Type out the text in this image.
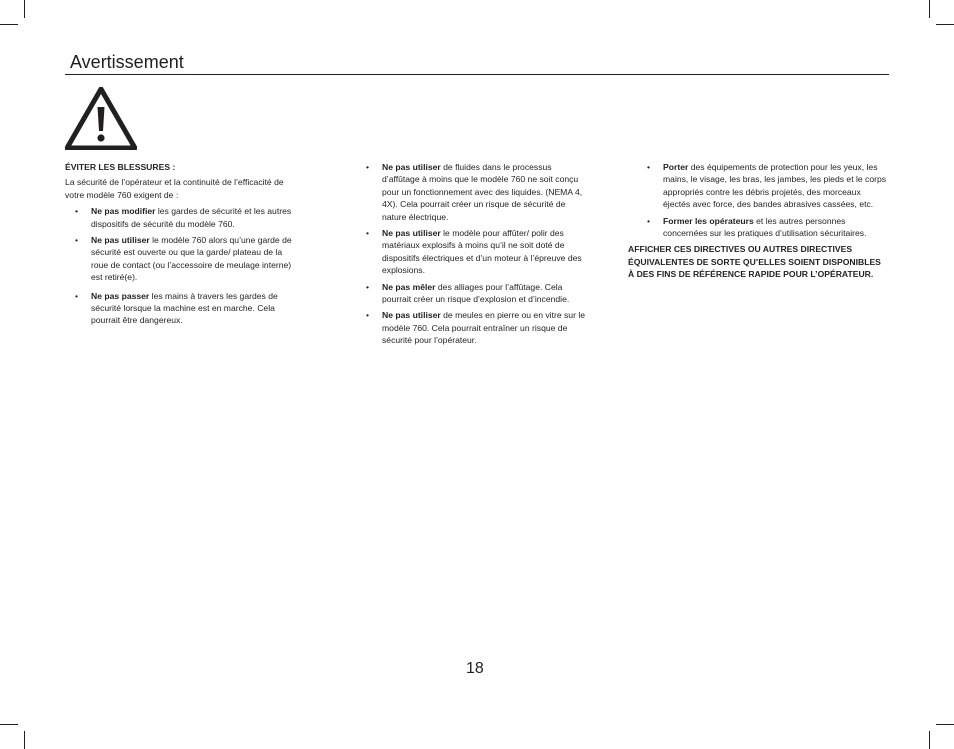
Avertissement

ÉVITER LES BLESSURES :

La sécurité de l’opérateur et la continuité de l’efficacité de votre modèle 760 exigent de :

• Ne pas modifier les gardes de sécurité et les autres dispositifs de sécurité du modèle 760.
• Ne pas utiliser le modèle 760 alors qu’une garde de sécurité est ouverte ou que la garde/ plateau de la roue de contact (ou l’accessoire de meulage interne) est retiré(e).
• Ne pas passer les mains à travers les gardes de sécurité lorsque la machine est en marche. Cela pourrait être dangereux.
• Ne pas utiliser de fluides dans le processus d’affûtage à moins que le modèle 760 ne soit conçu pour un fonctionnement avec des liquides. (NEMA 4, 4X). Cela pourrait créer un risque de sécurité de nature électrique.
• Ne pas utiliser le modèle pour affûter/ polir des matériaux explosifs à moins qu’il ne soit doté de dispositifs électriques et d’un moteur à l’épreuve des explosions.
• Ne pas mêler des alliages pour l’affûtage. Cela pourrait créer un risque d’explosion et d’incendie.
• Ne pas utiliser de meules en pierre ou en vitre sur le modèle 760. Cela pourrait entraîner un risque de sécurité pour l’opérateur.
• Porter des équipements de protection pour les yeux, les mains, le visage, les bras, les jambes, les pieds et le corps appropriés contre les débris projetés, des morceaux éjectés avec force, des bandes abrasives cassées, etc.
• Former les opérateurs et les autres personnes concernées sur les pratiques d’utilisation sécuritaires.

AFFICHER CES DIRECTIVES OU AUTRES DIRECTIVES ÉQUIVALENTES DE SORTE QU’ELLES SOIENT DISPONIBLES À DES FINS DE RÉFÉRENCE RAPIDE POUR L’OPÉRATEUR.

18
